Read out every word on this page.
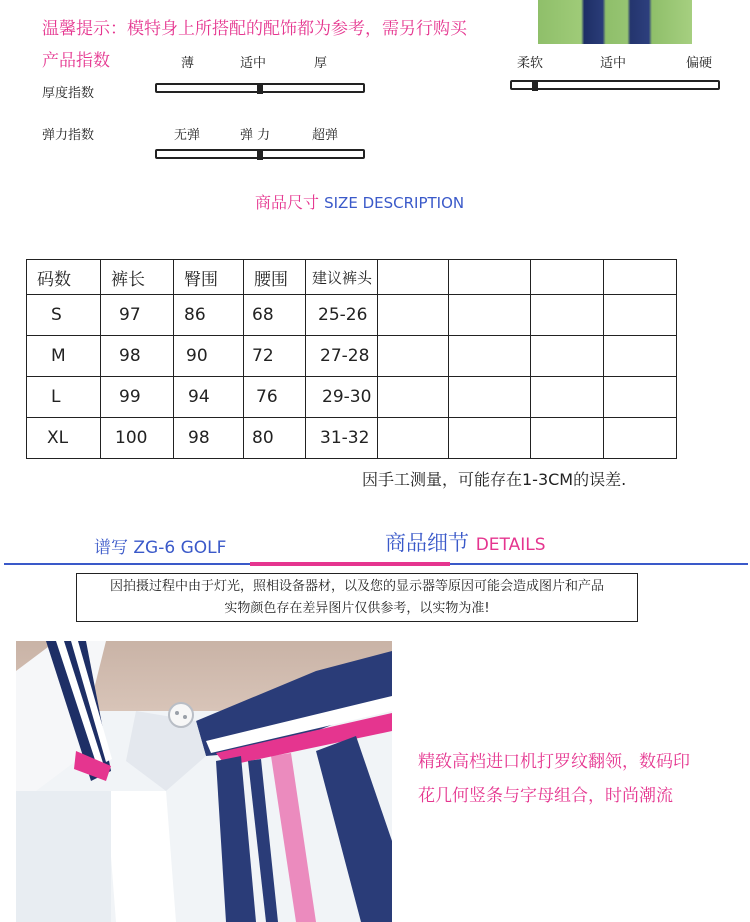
温馨提示：模特身上所搭配的配饰都为参考，需另行购买
产品指数	薄	适中	厚
厚度指数
弹力指数	无弹	弹 力	超弹
柔软	适中	偏硬
商品尺寸 SIZE DESCRIPTION
码数	裤长	臀围	腰围	建议裤头				
S	97	86	68	25-26				
M	98	90	72	27-28				
L	99	94	76	29-30				
XL	100	98	80	31-32				
因手工测量，可能存在1-3CM的误差.
谱写 ZG-6 GOLF	商品细节 DETAILS
因拍摄过程中由于灯光，照相设备器材，以及您的显示器等原因可能会造成图片和产品
实物颜色存在差异图片仅供参考，以实物为准!
精致高档进口机打罗纹翻领，数码印
花几何竖条与字母组合，时尚潮流
